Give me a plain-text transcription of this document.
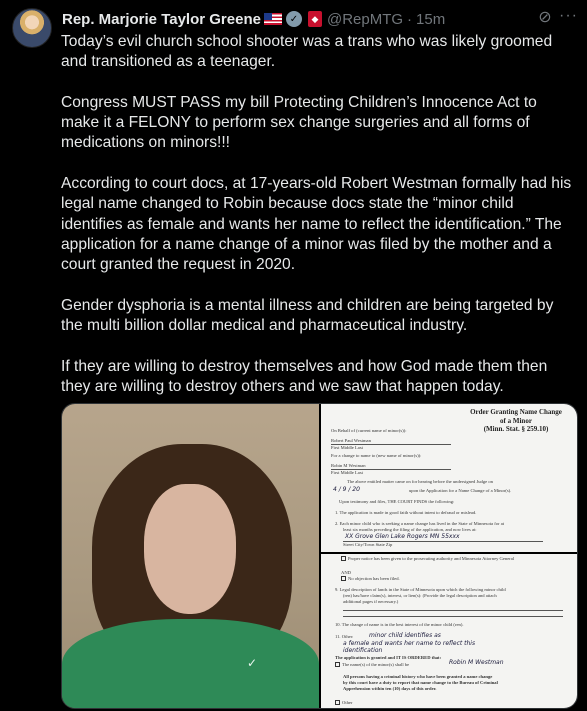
Rep. Marjorie Taylor Greene	✓	◆ @RepMTG · 15m	⊘ ···

Today’s evil church school shooter was a trans who was likely groomed and transitioned as a teenager.

Congress MUST PASS my bill Protecting Children’s Innocence Act to make it a FELONY to perform sex change surgeries and all forms of medications on minors!!!

According to court docs, at 17-years-old Robert Westman formally had his legal name changed to Robin because docs state the “minor child identifies as female and wants her name to reflect the identification.” The application for a name change of a minor was filed by the mother and a court granted the request in 2020.

Gender dysphoria is a mental illness and children are being targeted by the multi billion dollar medical and pharmaceutical industry.

If they are willing to destroy themselves and how God made them then they are willing to destroy others and we saw that happen today.

✓
Order Granting Name Change
of a Minor
(Minn. Stat. § 259.10)
On Behalf of (current name of minor(s)):
Robert Paul Westman
First Middle Last
For a change to name to (new name of minor(s)):
Robin M Westman
First Middle Last
The above entitled matter came on for hearing before the undersigned Judge on
4 / 9 / 20	upon the Application for a Name Change of a Minor(s).
Upon testimony and files, THE COURT FINDS the following:
1. The application is made in good faith without intent to defraud or mislead.
2. Each minor child who is seeking a name change has lived in the State of Minnesota for at
least six months preceding the filing of the application, and now lives at:
XX Grove Glen Lake Rogers MN 55xxx
Street City/Town State Zip
Proper notice has been given to the prosecuting authority and Minnesota Attorney General
AND
No objection has been filed.
9. Legal description of lands in the State of Minnesota upon which the following minor child
(ren) has/have claim(s), interest, or lien(s): (Provide the legal description and attach
additional pages if necessary.)
10. The change of name is in the best interest of the minor child (ren).
11. Other:	minor child identifies as
a female and wants her name to reflect this
identification
The application is granted and IT IS ORDERED that:
The name(s) of the minor(s) shall be	Robin M Westman
All persons having a criminal history who have been granted a name change
by this court have a duty to report that name change to the Bureau of Criminal
Apprehension within ten (10) days of this order.
Other
